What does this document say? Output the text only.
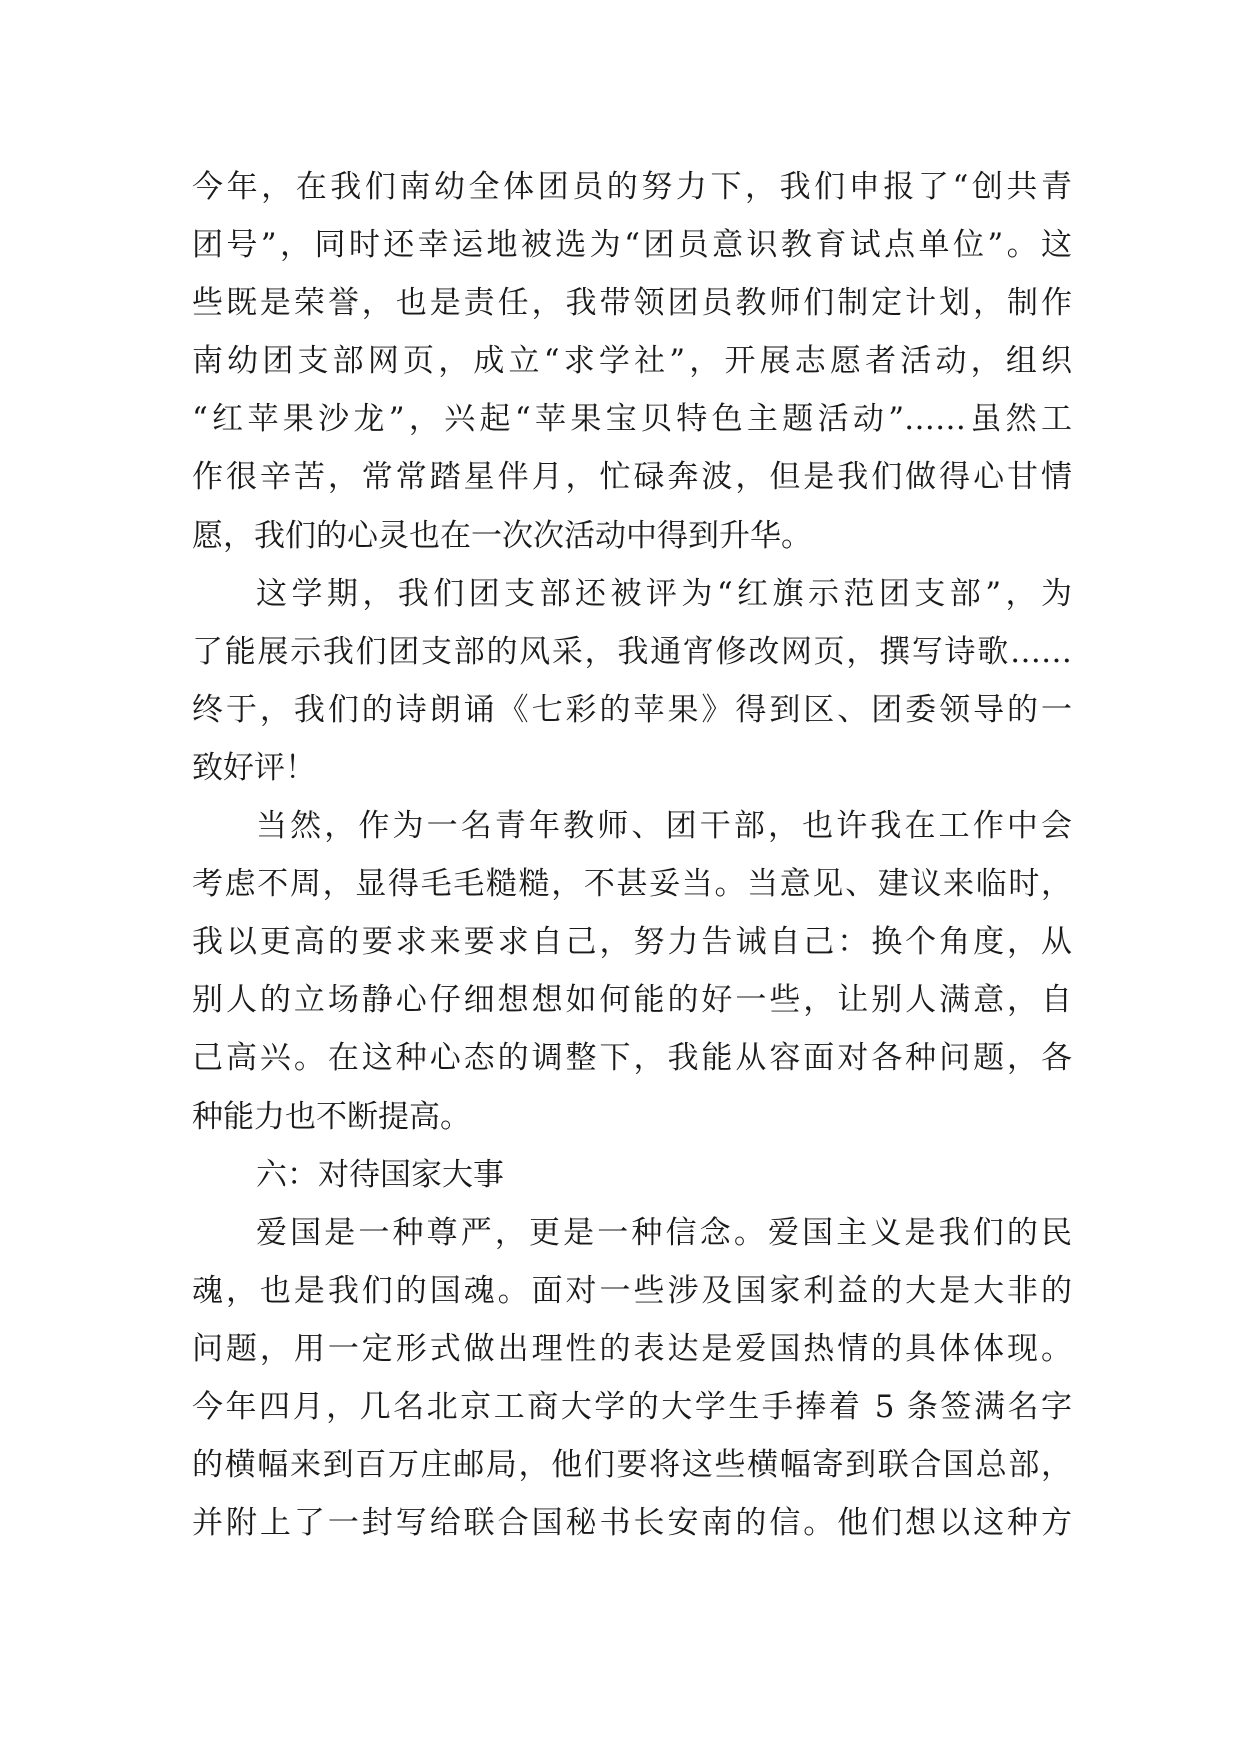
今年，在我们南幼全体团员的努力下，我们申报了“创共青
团号”，同时还幸运地被选为“团员意识教育试点单位”。这
些既是荣誉，也是责任，我带领团员教师们制定计划，制作
南幼团支部网页，成立“求学社”，开展志愿者活动，组织
“红苹果沙龙”，兴起“苹果宝贝特色主题活动”……虽然工
作很辛苦，常常踏星伴月，忙碌奔波，但是我们做得心甘情
愿，我们的心灵也在一次次活动中得到升华。
这学期，我们团支部还被评为“红旗示范团支部”，为
了能展示我们团支部的风采，我通宵修改网页，撰写诗歌……
终于，我们的诗朗诵《七彩的苹果》得到区、团委领导的一
致好评！
当然，作为一名青年教师、团干部，也许我在工作中会
考虑不周，显得毛毛糙糙，不甚妥当。当意见、建议来临时，
我以更高的要求来要求自己，努力告诫自己：换个角度，从
别人的立场静心仔细想想如何能的好一些，让别人满意，自
己高兴。在这种心态的调整下，我能从容面对各种问题，各
种能力也不断提高。
六：对待国家大事
爱国是一种尊严，更是一种信念。爱国主义是我们的民
魂，也是我们的国魂。面对一些涉及国家利益的大是大非的
问题，用一定形式做出理性的表达是爱国热情的具体体现。
今年四月，几名北京工商大学的大学生手捧着 5 条签满名字
的横幅来到百万庄邮局，他们要将这些横幅寄到联合国总部，
并附上了一封写给联合国秘书长安南的信。他们想以这种方
